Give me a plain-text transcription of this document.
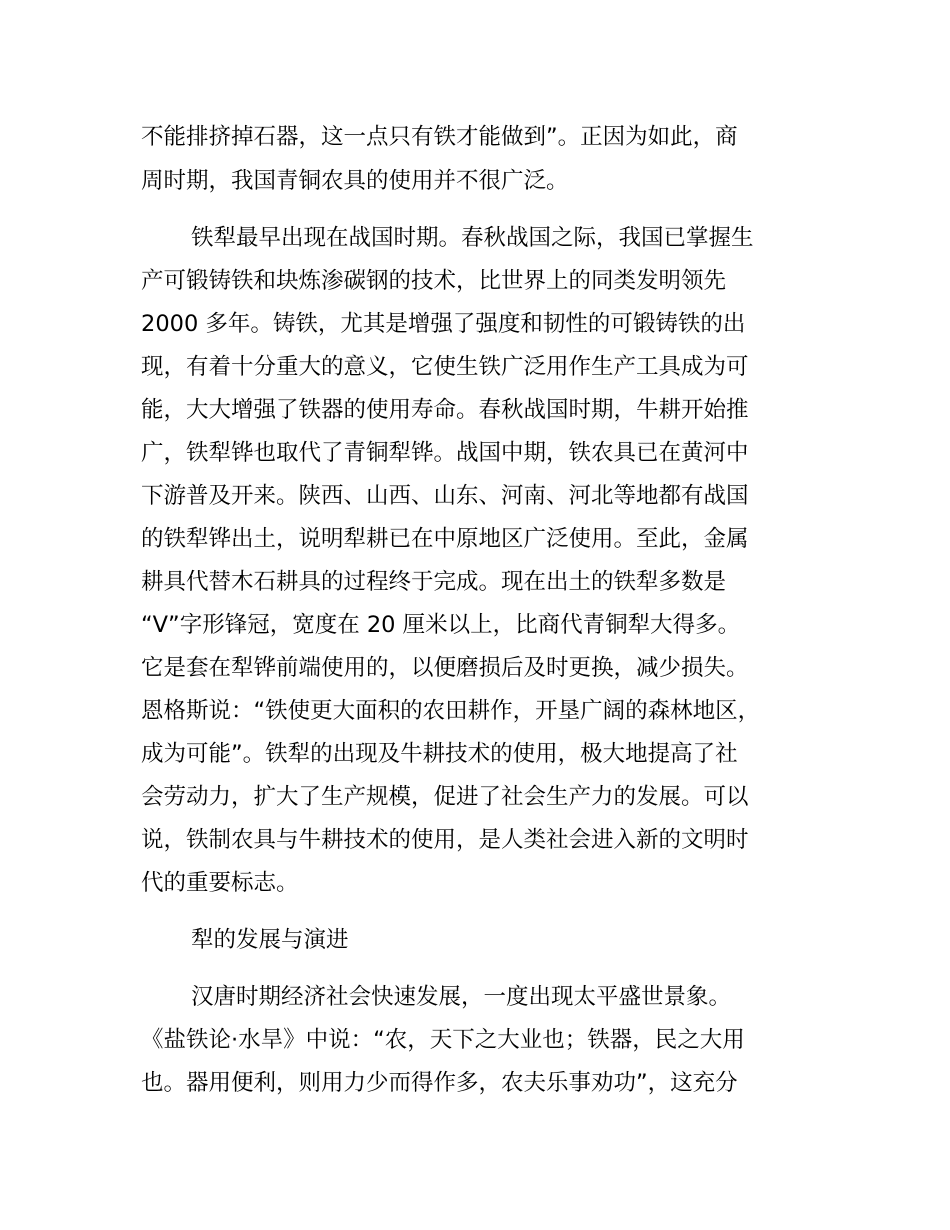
不能排挤掉石器，这一点只有铁才能做到”。正因为如此，商
周时期，我国青铜农具的使用并不很广泛。
铁犁最早出现在战国时期。春秋战国之际，我国已掌握生
产可锻铸铁和块炼渗碳钢的技术，比世界上的同类发明领先
2000 多年。铸铁，尤其是增强了强度和韧性的可锻铸铁的出
现，有着十分重大的意义，它使生铁广泛用作生产工具成为可
能，大大增强了铁器的使用寿命。春秋战国时期，牛耕开始推
广，铁犁铧也取代了青铜犁铧。战国中期，铁农具已在黄河中
下游普及开来。陕西、山西、山东、河南、河北等地都有战国
的铁犁铧出土，说明犁耕已在中原地区广泛使用。至此，金属
耕具代替木石耕具的过程终于完成。现在出土的铁犁多数是
“V”字形锋冠，宽度在 20 厘米以上，比商代青铜犁大得多。
它是套在犁铧前端使用的，以便磨损后及时更换，减少损失。
恩格斯说：“铁使更大面积的农田耕作，开垦广阔的森林地区，
成为可能”。铁犁的出现及牛耕技术的使用，极大地提高了社
会劳动力，扩大了生产规模，促进了社会生产力的发展。可以
说，铁制农具与牛耕技术的使用，是人类社会进入新的文明时
代的重要标志。
犁的发展与演进
汉唐时期经济社会快速发展，一度出现太平盛世景象。
《盐铁论·水旱》中说：“农，天下之大业也；铁器，民之大用
也。器用便利，则用力少而得作多，农夫乐事劝功”，这充分
